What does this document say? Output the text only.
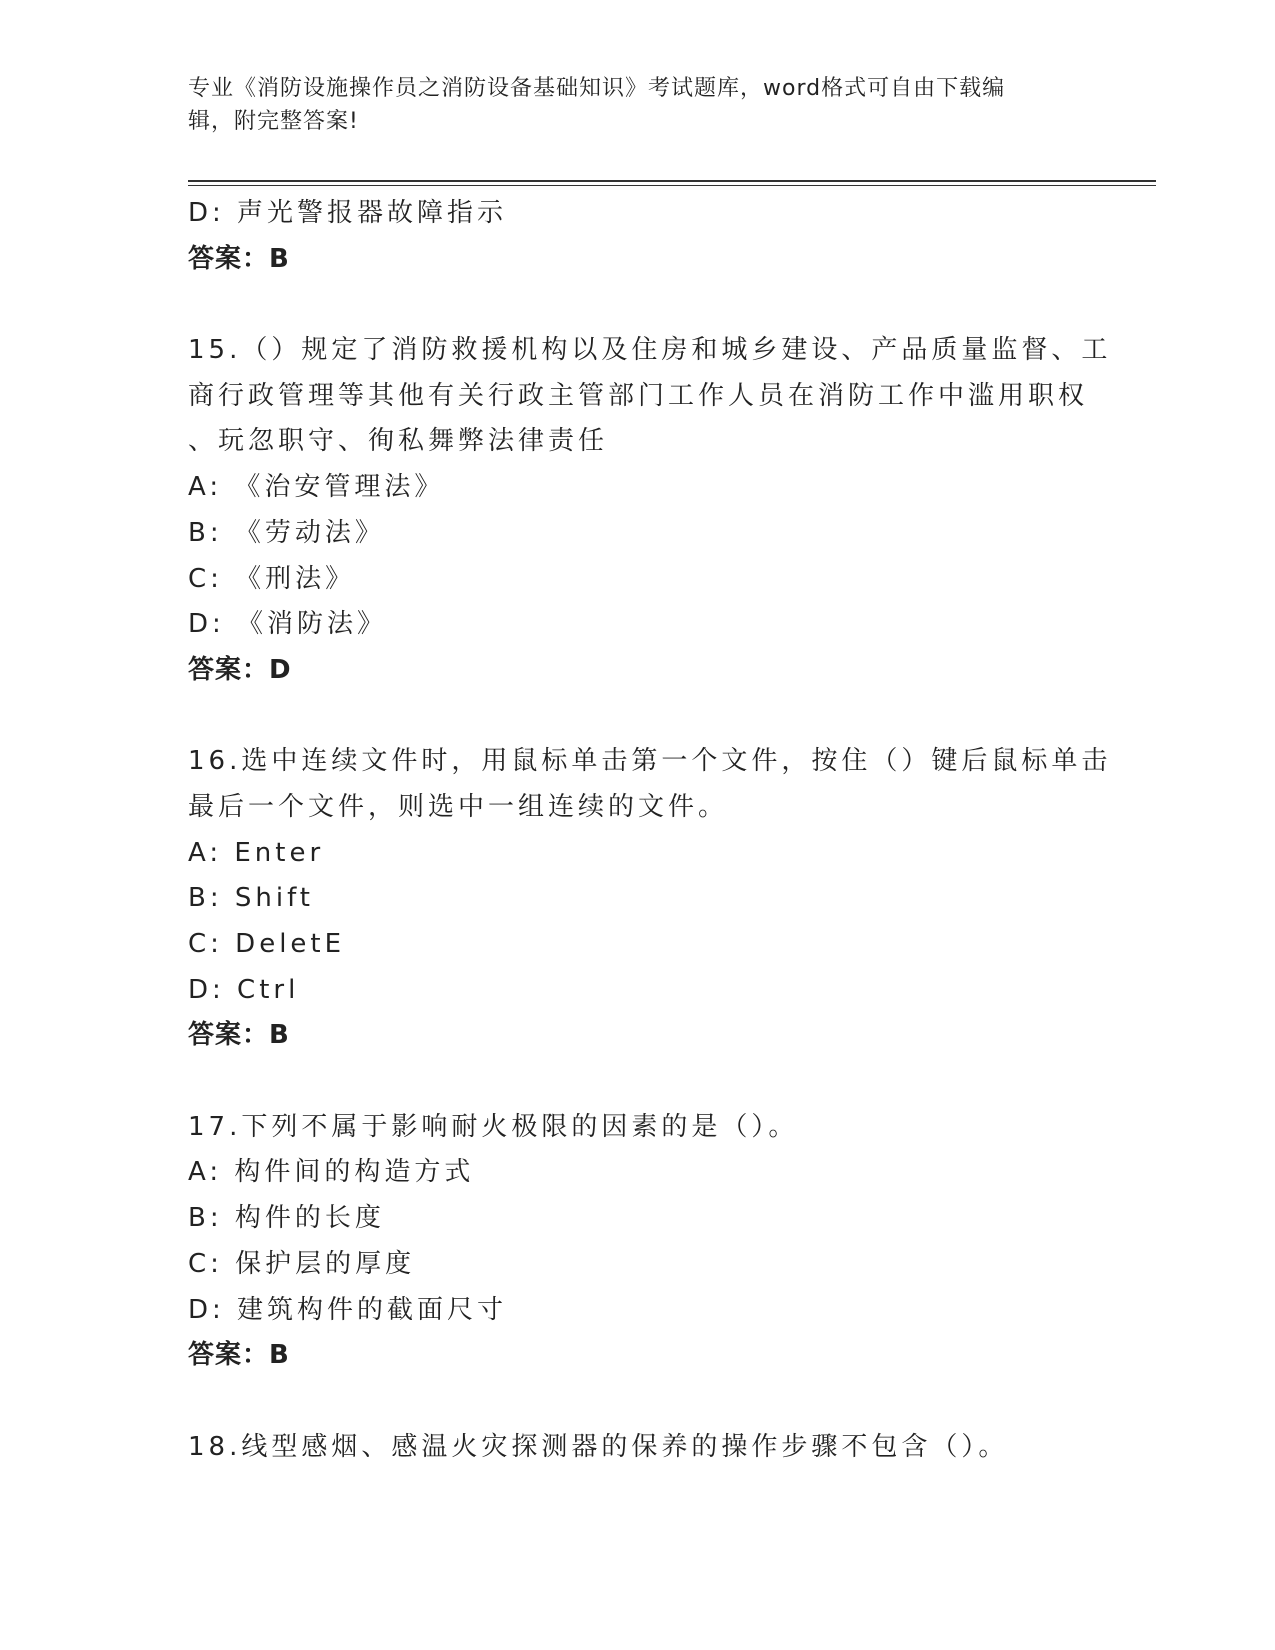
专业《消防设施操作员之消防设备基础知识》考试题库，word格式可自由下载编
辑，附完整答案!
D: 声光警报器故障指示
答案：B
15.（）规定了消防救援机构以及住房和城乡建设、产品质量监督、工
商行政管理等其他有关行政主管部门工作人员在消防工作中滥用职权
、玩忽职守、徇私舞弊法律责任
A: 《治安管理法》
B: 《劳动法》
C: 《刑法》
D: 《消防法》
答案：D
16.选中连续文件时，用鼠标单击第一个文件，按住（）键后鼠标单击
最后一个文件，则选中一组连续的文件。
A: Enter
B: Shift
C: DeletE
D: Ctrl
答案：B
17.下列不属于影响耐火极限的因素的是（）。
A: 构件间的构造方式
B: 构件的长度
C: 保护层的厚度
D: 建筑构件的截面尺寸
答案：B
18.线型感烟、感温火灾探测器的保养的操作步骤不包含（）。
